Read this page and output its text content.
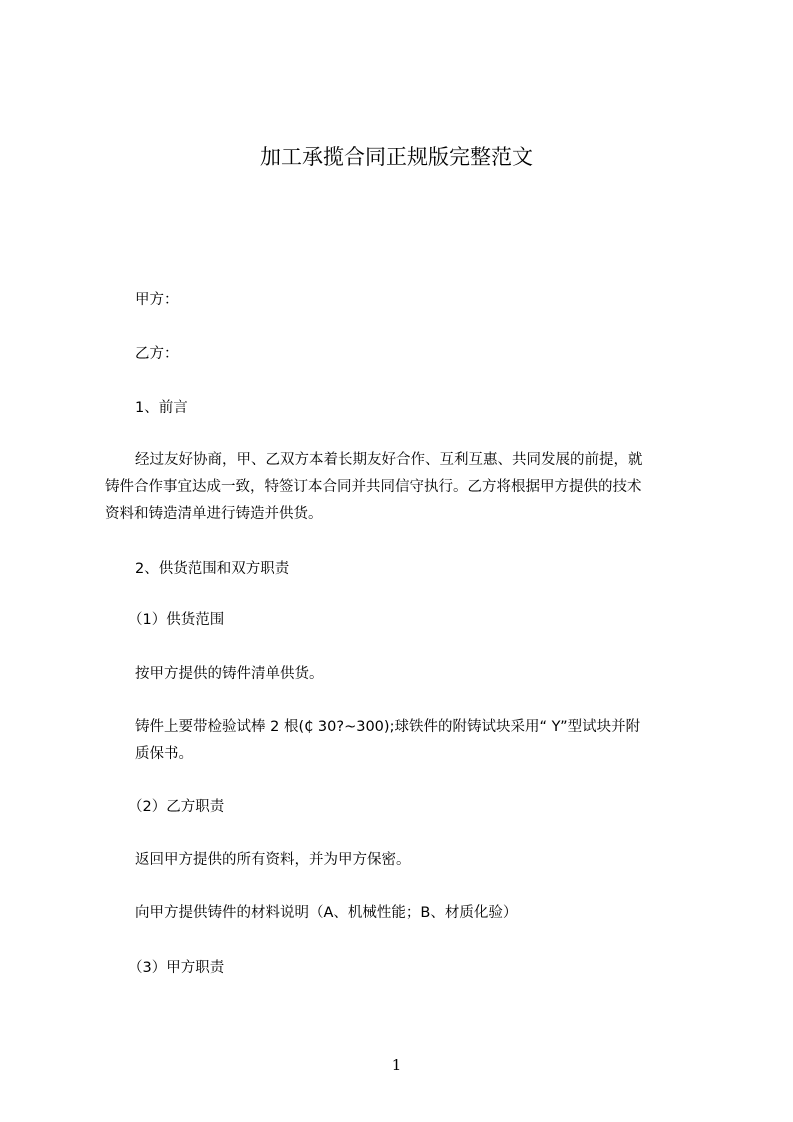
加工承揽合同正规版完整范文

甲方：

乙方：

1、前言

经过友好协商，甲、乙双方本着长期友好合作、互利互惠、共同发展的前提，就
铸件合作事宜达成一致，特签订本合同并共同信守执行。乙方将根据甲方提供的技术
资料和铸造清单进行铸造并供货。

2、供货范围和双方职责

（1）供货范围

按甲方提供的铸件清单供货。

铸件上要带检验试棒 2 根(₵ 30?~300);球铁件的附铸试块采用“ Y”型试块并附
质保书。

（2）乙方职责

返回甲方提供的所有资料，并为甲方保密。

向甲方提供铸件的材料说明（A、机械性能；B、材质化验）

（3）甲方职责

1
